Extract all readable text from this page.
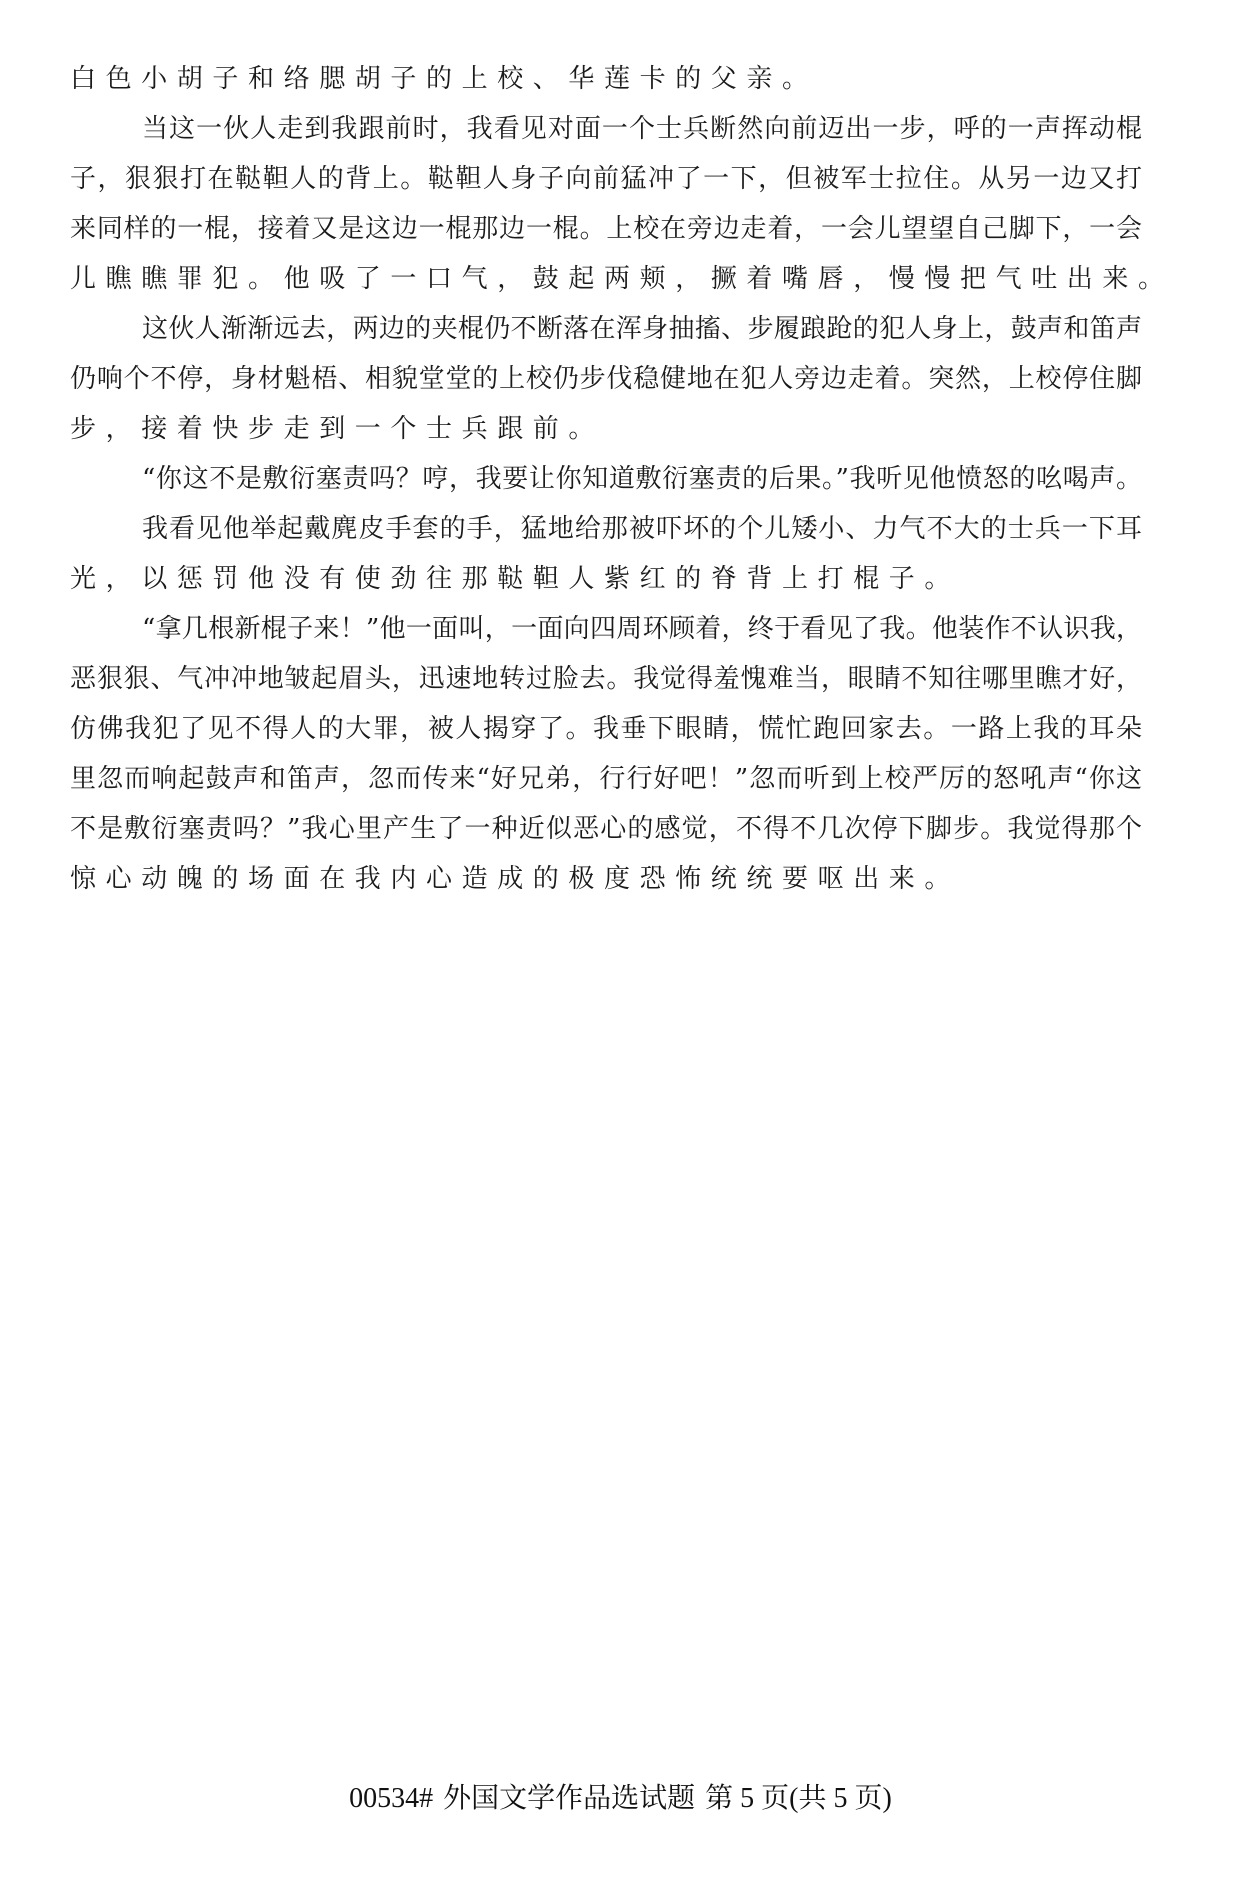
白色小胡子和络腮胡子的上校、华莲卡的父亲。
当这一伙人走到我跟前时，我看见对面一个士兵断然向前迈出一步，呼的一声挥动棍
子，狠狠打在鞑靼人的背上。鞑靼人身子向前猛冲了一下，但被军士拉住。从另一边又打
来同样的一棍，接着又是这边一棍那边一棍。上校在旁边走着，一会儿望望自己脚下，一会
儿瞧瞧罪犯。他吸了一口气，鼓起两颊，撅着嘴唇，慢慢把气吐出来。
这伙人渐渐远去，两边的夹棍仍不断落在浑身抽搐、步履踉跄的犯人身上，鼓声和笛声
仍响个不停，身材魁梧、相貌堂堂的上校仍步伐稳健地在犯人旁边走着。突然，上校停住脚
步，接着快步走到一个士兵跟前。
“你这不是敷衍塞责吗？哼，我要让你知道敷衍塞责的后果。”我听见他愤怒的吆喝声。
我看见他举起戴麂皮手套的手，猛地给那被吓坏的个儿矮小、力气不大的士兵一下耳
光，以惩罚他没有使劲往那鞑靼人紫红的脊背上打棍子。
“拿几根新棍子来！”他一面叫，一面向四周环顾着，终于看见了我。他装作不认识我，
恶狠狠、气冲冲地皱起眉头，迅速地转过脸去。我觉得羞愧难当，眼睛不知往哪里瞧才好，
仿佛我犯了见不得人的大罪，被人揭穿了。我垂下眼睛，慌忙跑回家去。一路上我的耳朵
里忽而响起鼓声和笛声，忽而传来“好兄弟，行行好吧！”忽而听到上校严厉的怒吼声“你这
不是敷衍塞责吗？”我心里产生了一种近似恶心的感觉，不得不几次停下脚步。我觉得那个
惊心动魄的场面在我内心造成的极度恐怖统统要呕出来。
00534# 外国文学作品选试题 第 5 页(共 5 页)
